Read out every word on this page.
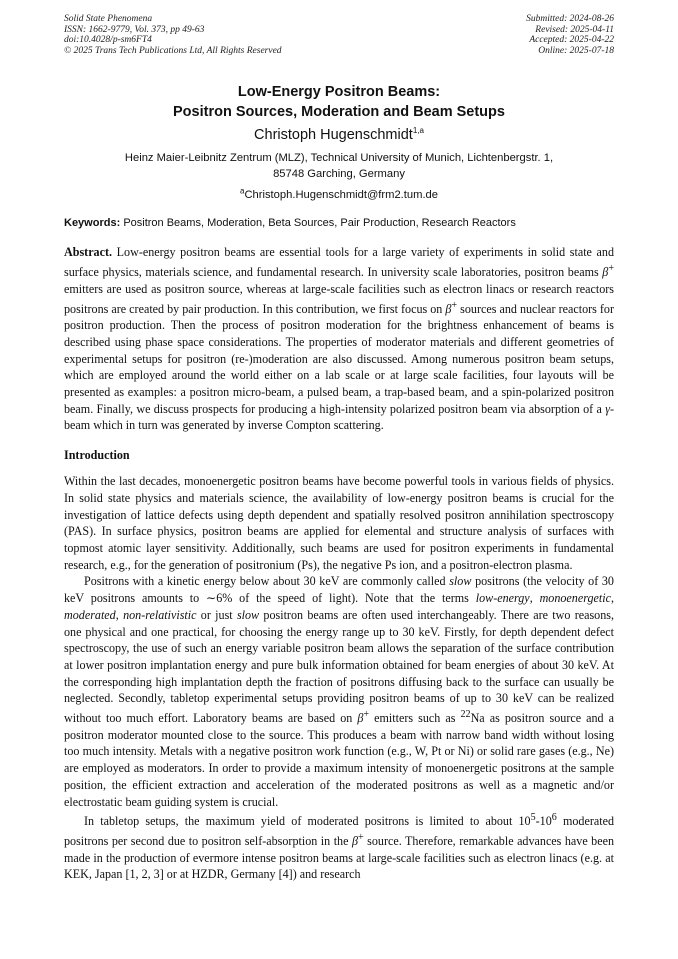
Solid State Phenomena
ISSN: 1662-9779, Vol. 373, pp 49-63
doi:10.4028/p-sm6FT4
© 2025 Trans Tech Publications Ltd, All Rights Reserved
Submitted: 2024-08-26
Revised: 2025-04-11
Accepted: 2025-04-22
Online: 2025-07-18
Low-Energy Positron Beams:
Positron Sources, Moderation and Beam Setups
Christoph Hugenschmidt$^{1,a}$
Heinz Maier-Leibnitz Zentrum (MLZ), Technical University of Munich, Lichtenbergstr. 1,
85748 Garching, Germany
$^a$Christoph.Hugenschmidt@frm2.tum.de
Keywords: Positron Beams, Moderation, Beta Sources, Pair Production, Research Reactors
Abstract. Low-energy positron beams are essential tools for a large variety of experiments in solid state and surface physics, materials science, and fundamental research. In university scale laboratories, positron beams β+ emitters are used as positron source, whereas at large-scale facilities such as electron linacs or research reactors positrons are created by pair production. In this contribution, we first focus on β+ sources and nuclear reactors for positron production. Then the process of positron moderation for the brightness enhancement of beams is described using phase space considerations. The properties of moderator materials and different geometries of experimental setups for positron (re-)moderation are also discussed. Among numerous positron beam setups, which are employed around the world either on a lab scale or at large scale facilities, four layouts will be presented as examples: a positron micro-beam, a pulsed beam, a trap-based beam, and a spin-polarized positron beam. Finally, we discuss prospects for producing a high-intensity polarized positron beam via absorption of a γ-beam which in turn was generated by inverse Compton scattering.
Introduction
Within the last decades, monoenergetic positron beams have become powerful tools in various fields of physics. In solid state physics and materials science, the availability of low-energy positron beams is crucial for the investigation of lattice defects using depth dependent and spatially resolved positron annihilation spectroscopy (PAS). In surface physics, positron beams are applied for elemental and structure analysis of surfaces with topmost atomic layer sensitivity. Additionally, such beams are used for positron experiments in fundamental research, e.g., for the generation of positronium (Ps), the negative Ps ion, and a positron-electron plasma.
Positrons with a kinetic energy below about 30 keV are commonly called slow positrons (the velocity of 30 keV positrons amounts to ∼6% of the speed of light). Note that the terms low-energy, monoenergetic, moderated, non-relativistic or just slow positron beams are often used interchangeably. There are two reasons, one physical and one practical, for choosing the energy range up to 30 keV. Firstly, for depth dependent defect spectroscopy, the use of such an energy variable positron beam allows the separation of the surface contribution at lower positron implantation energy and pure bulk information obtained for beam energies of about 30 keV. At the corresponding high implantation depth the fraction of positrons diffusing back to the surface can usually be neglected. Secondly, tabletop experimental setups providing positron beams of up to 30 keV can be realized without too much effort. Laboratory beams are based on β+ emitters such as $^{22}$Na as positron source and a positron moderator mounted close to the source. This produces a beam with narrow band width without losing too much intensity. Metals with a negative positron work function (e.g., W, Pt or Ni) or solid rare gases (e.g., Ne) are employed as moderators. In order to provide a maximum intensity of monoenergetic positrons at the sample position, the efficient extraction and acceleration of the moderated positrons as well as a magnetic and/or electrostatic beam guiding system is crucial.
In tabletop setups, the maximum yield of moderated positrons is limited to about $10^5-10^6$ moderated positrons per second due to positron self-absorption in the β+ source. Therefore, remarkable advances have been made in the production of evermore intense positron beams at large-scale facilities such as electron linacs (e.g. at KEK, Japan [1, 2, 3] or at HZDR, Germany [4]) and research
